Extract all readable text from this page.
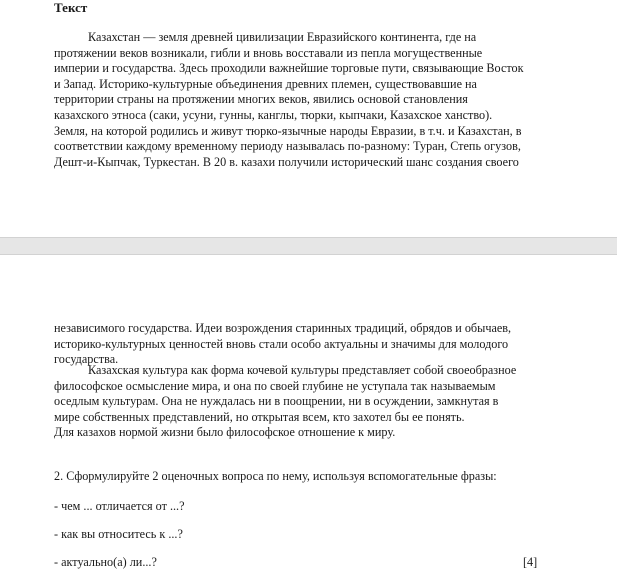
Текст
Казахстан — земля древней цивилизации Евразийского континента, где на
протяжении веков возникали, гибли и вновь восставали из пепла могущественные
империи и государства. Здесь проходили важнейшие торговые пути, связывающие Восток
и Запад. Историко-культурные объединения древних племен, существовавшие на
территории страны на протяжении многих веков, явились основой становления
казахского этноса (саки, усуни, гунны, канглы, тюрки, кыпчаки, Казахское ханство).
Земля, на которой родились и живут тюрко-язычные народы Евразии, в т.ч. и Казахстан, в
соответствии каждому временному периоду называлась по-разному: Туран, Степь огузов,
Дешт-и-Кыпчак, Туркестан. В 20 в. казахи получили исторический шанс создания своего
независимого государства. Идеи возрождения старинных традиций, обрядов и обычаев,
историко-культурных ценностей вновь стали особо актуальны и значимы для молодого
государства.
Казахская культура как форма кочевой культуры представляет собой своеобразное
философское осмысление мира, и она по своей глубине не уступала так называемым
оседлым культурам. Она не нуждалась ни в поощрении, ни в осуждении, замкнутая в
мире собственных представлений, но открытая всем, кто захотел бы ее понять.
Для казахов нормой жизни было философское отношение к миру.
2. Сформулируйте 2 оценочных вопроса по нему, используя вспомогательные фразы:
- чем ... отличается от ...?
- как вы относитесь к ...?
- актуально(а) ли...?	[4]
